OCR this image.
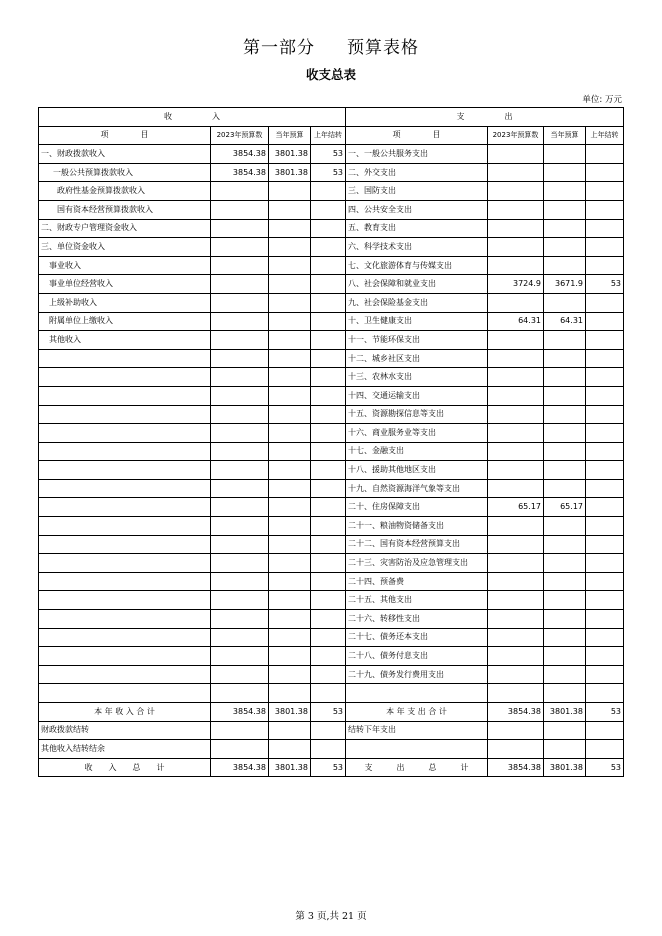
第一部分 预算表格
收支总表
单位: 万元
收　　　　　入				支　　　　　出			
项　　　　目	2023年预算数	当年预算	上年结转	项　　　　目	2023年预算数	当年预算	上年结转
一、财政拨款收入	3854.38	3801.38	53	一、一般公共服务支出			
一般公共预算拨款收入	3854.38	3801.38	53	二、外交支出			
政府性基金预算拨款收入				三、国防支出			
国有资本经营预算拨款收入				四、公共安全支出			
二、财政专户管理资金收入				五、教育支出			
三、单位资金收入				六、科学技术支出			
事业收入				七、文化旅游体育与传媒支出			
事业单位经营收入				八、社会保障和就业支出	3724.9	3671.9	53
上级补助收入				九、社会保险基金支出			
附属单位上缴收入				十、卫生健康支出	64.31	64.31	
其他收入				十一、节能环保支出			
				十二、城乡社区支出			
				十三、农林水支出			
				十四、交通运输支出			
				十五、资源勘探信息等支出			
				十六、商业服务业等支出			
				十七、金融支出			
				十八、援助其他地区支出			
				十九、自然资源海洋气象等支出			
				二十、住房保障支出	65.17	65.17	
				二十一、粮油物资储备支出			
				二十二、国有资本经营预算支出			
				二十三、灾害防治及应急管理支出			
				二十四、预备费			
				二十五、其他支出			
				二十六、转移性支出			
				二十七、债务还本支出			
				二十八、债务付息支出			
				二十九、债务发行费用支出			

本 年 收 入 合 计	3854.38	3801.38	53	本 年 支 出 合 计	3854.38	3801.38	53
财政拨款结转				结转下年支出			
其他收入结转结余							
收　　入　　总　　计	3854.38	3801.38	53	支　　　出　　　总　　　计	3854.38	3801.38	53
第 3 页,共 21 页
